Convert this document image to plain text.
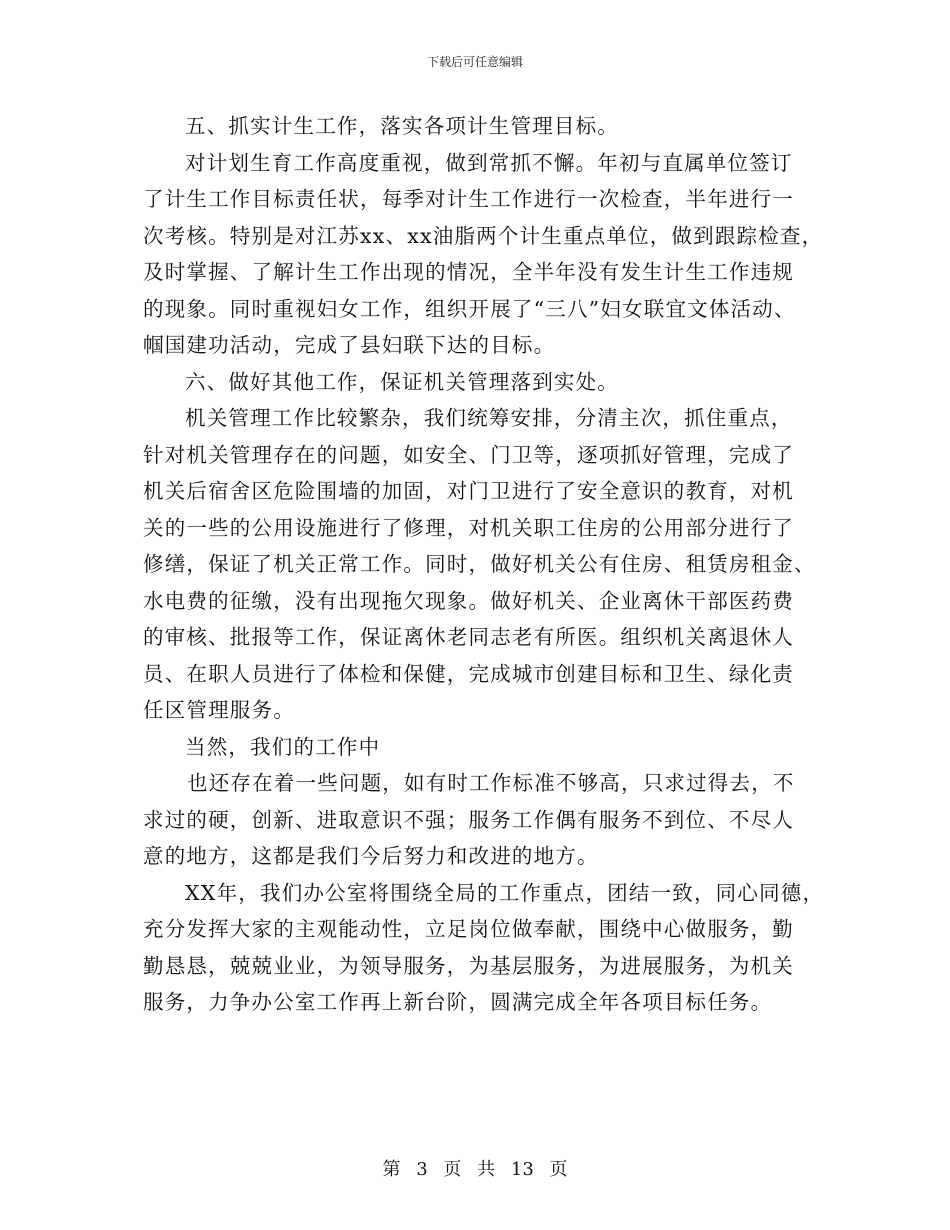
下载后可任意编辑
五、抓实计生工作，落实各项计生管理目标。
对计划生育工作高度重视，做到常抓不懈。年初与直属单位签订
了计生工作目标责任状，每季对计生工作进行一次检查，半年进行一
次考核。特别是对江苏xx、xx油脂两个计生重点单位，做到跟踪检查，
及时掌握、了解计生工作出现的情况，全半年没有发生计生工作违规
的现象。同时重视妇女工作，组织开展了“三八”妇女联宜文体活动、
帼国建功活动，完成了县妇联下达的目标。
六、做好其他工作，保证机关管理落到实处。
机关管理工作比较繁杂，我们统筹安排，分清主次，抓住重点，
针对机关管理存在的问题，如安全、门卫等，逐项抓好管理，完成了
机关后宿舍区危险围墙的加固，对门卫进行了安全意识的教育，对机
关的一些的公用设施进行了修理，对机关职工住房的公用部分进行了
修缮，保证了机关正常工作。同时，做好机关公有住房、租赁房租金、
水电费的征缴，没有出现拖欠现象。做好机关、企业离休干部医药费
的审核、批报等工作，保证离休老同志老有所医。组织机关离退休人
员、在职人员进行了体检和保健，完成城市创建目标和卫生、绿化责
任区管理服务。
当然，我们的工作中
也还存在着一些问题，如有时工作标准不够高，只求过得去，不
求过的硬，创新、进取意识不强；服务工作偶有服务不到位、不尽人
意的地方，这都是我们今后努力和改进的地方。
XX年，我们办公室将围绕全局的工作重点，团结一致，同心同德，
充分发挥大家的主观能动性，立足岗位做奉献，围绕中心做服务，勤
勤恳恳，兢兢业业，为领导服务，为基层服务，为进展服务，为机关
服务，力争办公室工作再上新台阶，圆满完成全年各项目标任务。
第 3 页 共 13 页
